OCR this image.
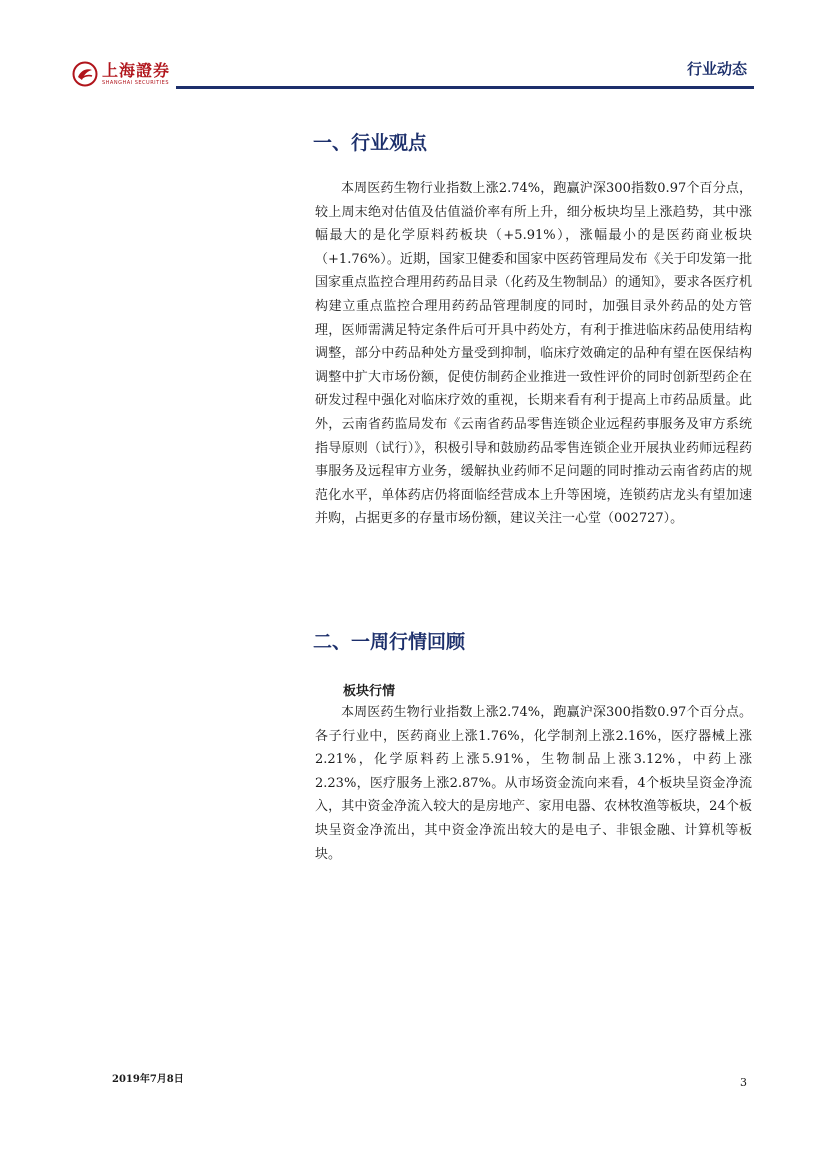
上海證券
SHANGHAI SECURITIES
行业动态
一、行业观点

本周医药生物行业指数上涨2.74%，跑赢沪深300指数0.97个百分点，较上周末绝对估值及估值溢价率有所上升，细分板块均呈上涨趋势，其中涨幅最大的是化学原料药板块（+5.91%），涨幅最小的是医药商业板块（+1.76%）。近期，国家卫健委和国家中医药管理局发布《关于印发第一批国家重点监控合理用药药品目录（化药及生物制品）的通知》，要求各医疗机构建立重点监控合理用药药品管理制度的同时，加强目录外药品的处方管理，医师需满足特定条件后可开具中药处方，有利于推进临床药品使用结构调整，部分中药品种处方量受到抑制，临床疗效确定的品种有望在医保结构调整中扩大市场份额，促使仿制药企业推进一致性评价的同时创新型药企在研发过程中强化对临床疗效的重视，长期来看有利于提高上市药品质量。此外，云南省药监局发布《云南省药品零售连锁企业远程药事服务及审方系统指导原则（试行）》，积极引导和鼓励药品零售连锁企业开展执业药师远程药事服务及远程审方业务，缓解执业药师不足问题的同时推动云南省药店的规范化水平，单体药店仍将面临经营成本上升等困境，连锁药店龙头有望加速并购，占据更多的存量市场份额，建议关注一心堂（002727）。

二、一周行情回顾
板块行情

本周医药生物行业指数上涨2.74%，跑赢沪深300指数0.97个百分点。各子行业中，医药商业上涨1.76%，化学制剂上涨2.16%，医疗器械上涨2.21%，化学原料药上涨5.91%，生物制品上涨3.12%，中药上涨2.23%，医疗服务上涨2.87%。从市场资金流向来看，4个板块呈资金净流入，其中资金净流入较大的是房地产、家用电器、农林牧渔等板块，24个板块呈资金净流出，其中资金净流出较大的是电子、非银金融、计算机等板块。

2019年7月8日	3
